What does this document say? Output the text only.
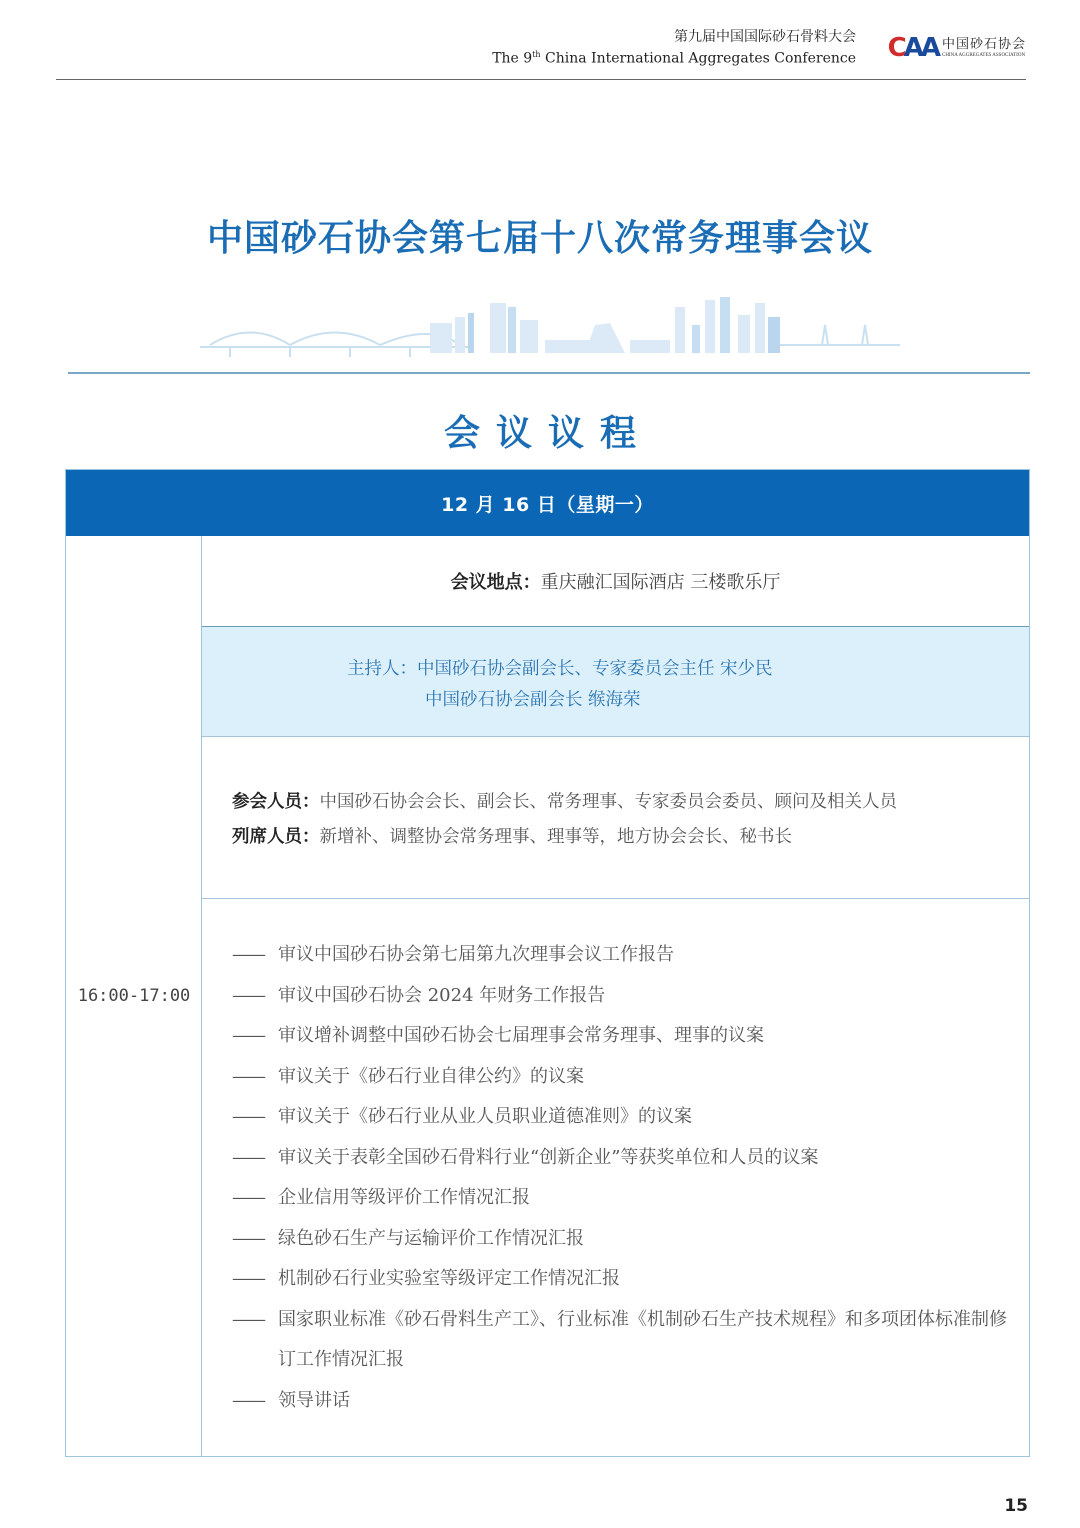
第九届中国国际砂石骨料大会
The 9th China International Aggregates Conference C AA 中国砂石协会
CHINA AGGREGATES ASSOCIATION
中国砂石协会第七届十八次常务理事会议
会议议程
12 月 16 日（星期一）
16:00-17:00
会议地点： 重庆融汇国际酒店 三楼歌乐厅
主持人：中国砂石协会副会长、专家委员会主任 宋少民
中国砂石协会副会长 缑海荣
参会人员：中国砂石协会会长、副会长、常务理事、专家委员会委员、顾问及相关人员
列席人员：新增补、调整协会常务理事、理事等，地方协会会长、秘书长
—— 审议中国砂石协会第七届第九次理事会议工作报告
—— 审议中国砂石协会 2024 年财务工作报告
—— 审议增补调整中国砂石协会七届理事会常务理事、理事的议案
—— 审议关于《砂石行业自律公约》的议案
—— 审议关于《砂石行业从业人员职业道德准则》的议案
—— 审议关于表彰全国砂石骨料行业“创新企业”等获奖单位和人员的议案
—— 企业信用等级评价工作情况汇报
—— 绿色砂石生产与运输评价工作情况汇报
—— 机制砂石行业实验室等级评定工作情况汇报
—— 国家职业标准《砂石骨料生产工》、行业标准《机制砂石生产技术规程》和多项团体标准制修订工作情况汇报
—— 领导讲话
15
